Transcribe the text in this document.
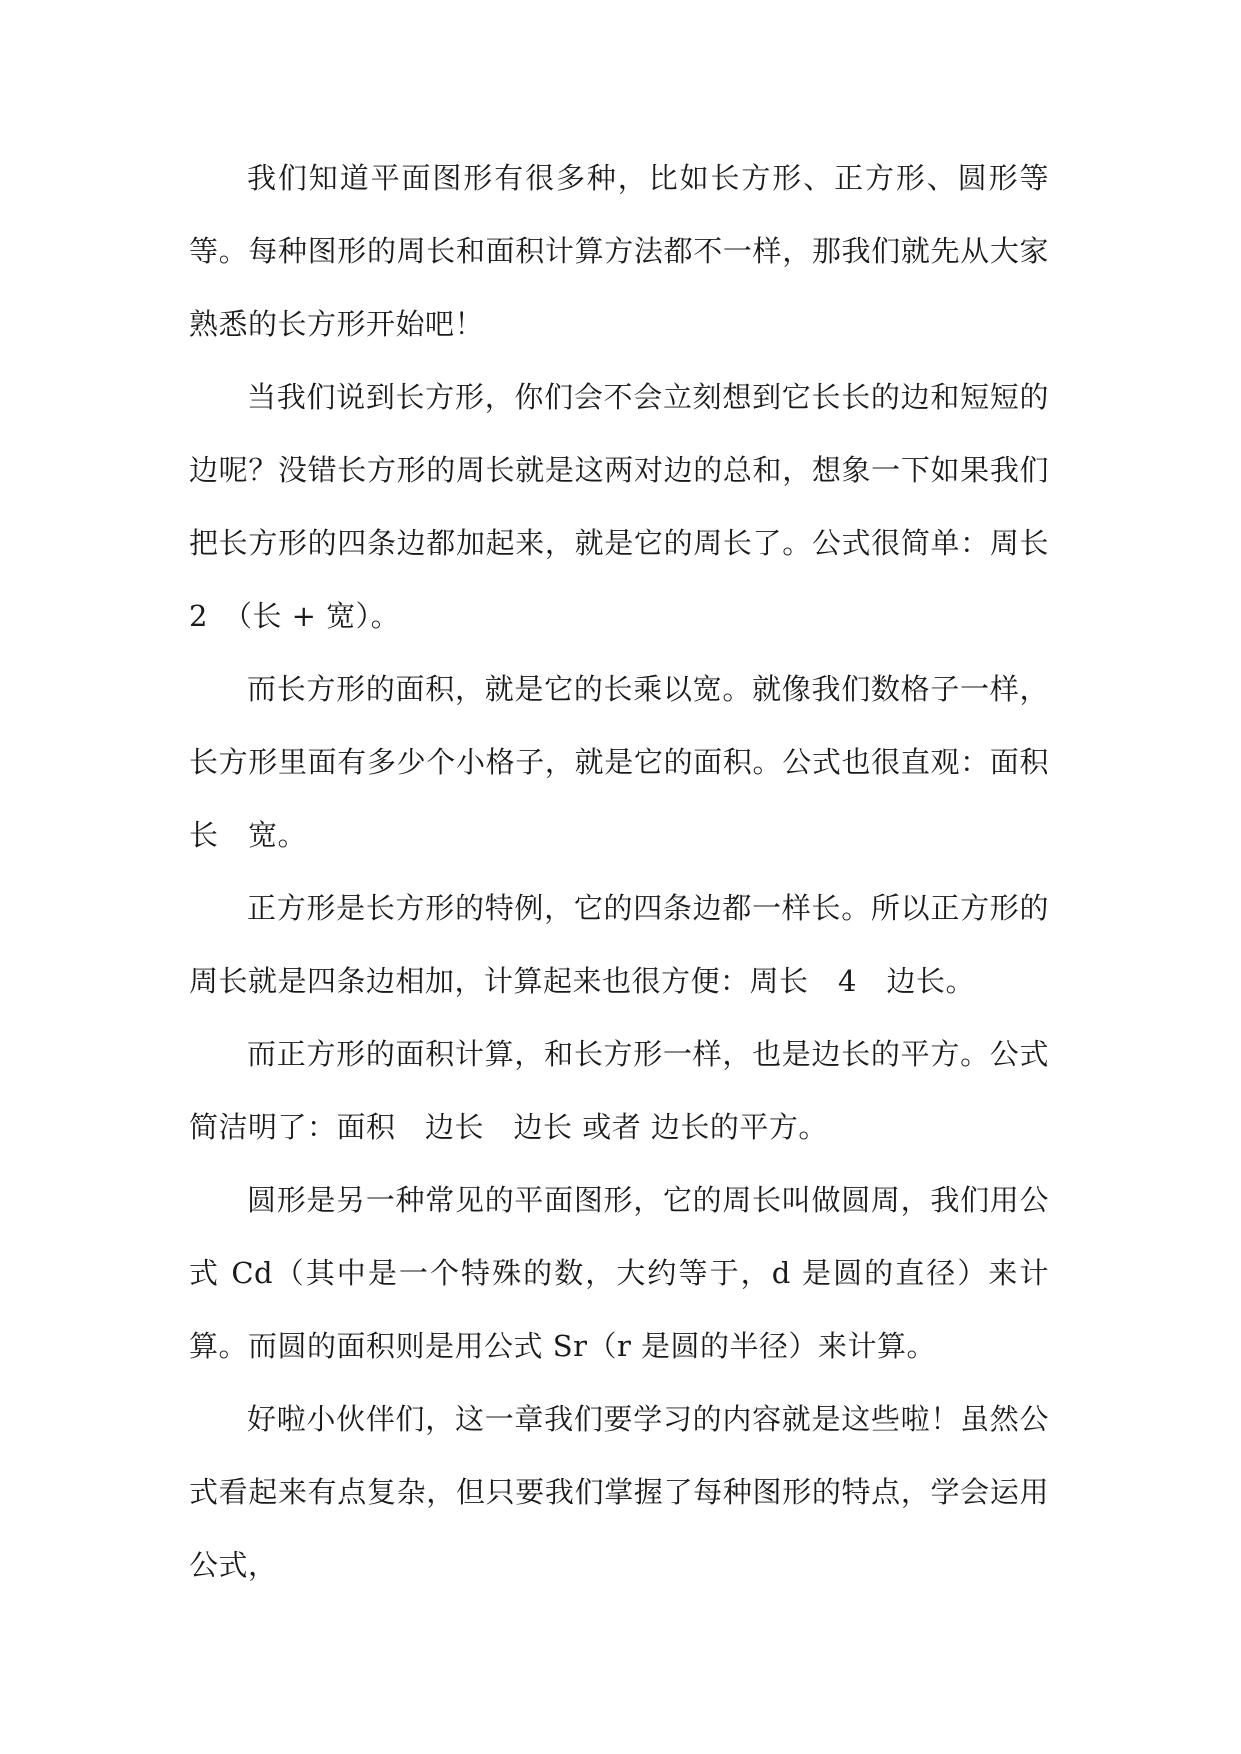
我们知道平面图形有很多种，比如长方形、正方形、圆形等等。每种图形的周长和面积计算方法都不一样，那我们就先从大家熟悉的长方形开始吧！

当我们说到长方形，你们会不会立刻想到它长长的边和短短的边呢？没错长方形的周长就是这两对边的总和，想象一下如果我们把长方形的四条边都加起来，就是它的周长了。公式很简单：周长　2　（长 + 宽）。

而长方形的面积，就是它的长乘以宽。就像我们数格子一样，长方形里面有多少个小格子，就是它的面积。公式也很直观：面积　长　宽。

正方形是长方形的特例，它的四条边都一样长。所以正方形的周长就是四条边相加，计算起来也很方便：周长　4　边长。

而正方形的面积计算，和长方形一样，也是边长的平方。公式简洁明了：面积　边长　边长 或者 边长的平方。

圆形是另一种常见的平面图形，它的周长叫做圆周，我们用公式 Cd（其中是一个特殊的数，大约等于，d 是圆的直径）来计算。而圆的面积则是用公式 Sr（r 是圆的半径）来计算。

好啦小伙伴们，这一章我们要学习的内容就是这些啦！虽然公式看起来有点复杂，但只要我们掌握了每种图形的特点，学会运用公式，
